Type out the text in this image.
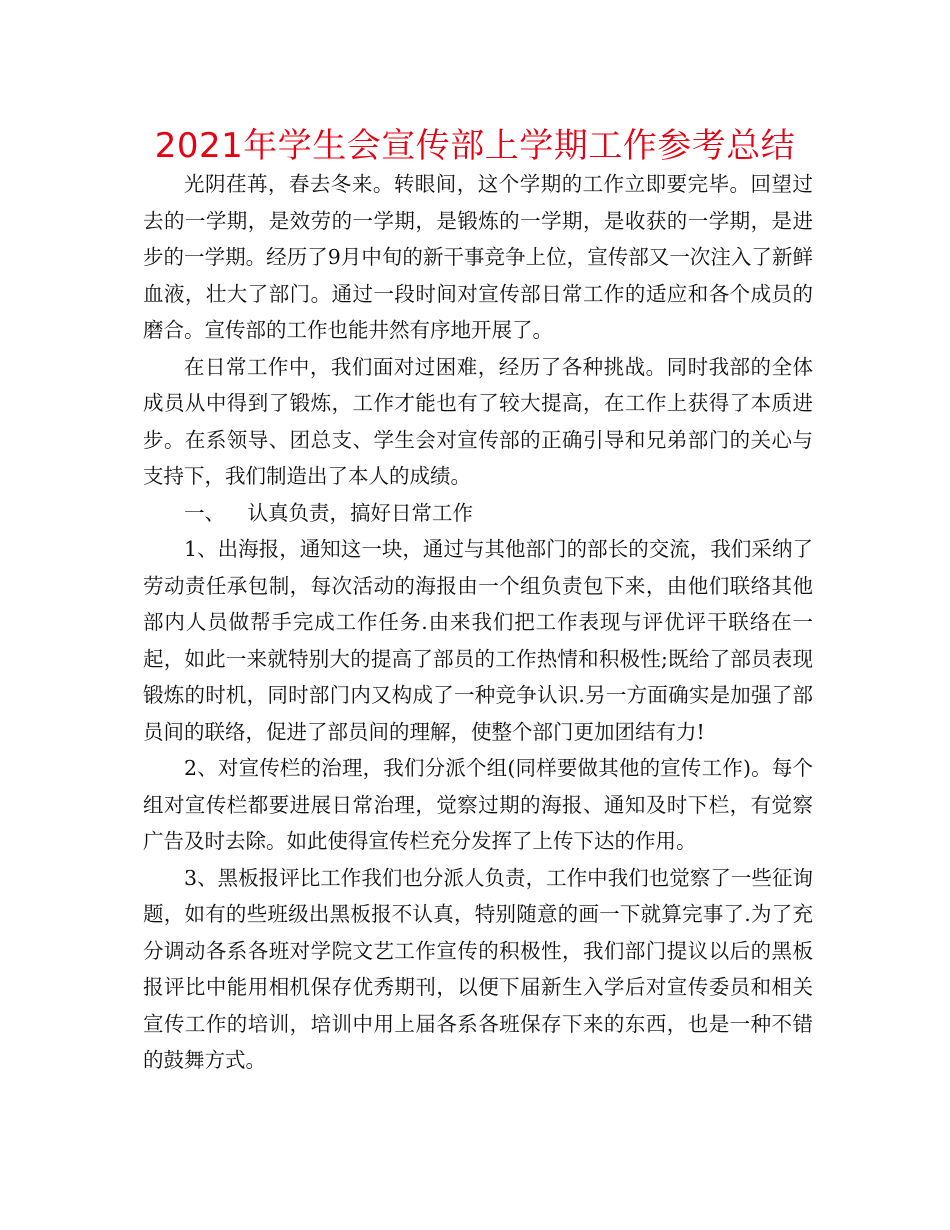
2021年学生会宣传部上学期工作参考总结

光阴荏苒，春去冬来。转眼间，这个学期的工作立即要完毕。回望过去的一学期，是效劳的一学期，是锻炼的一学期，是收获的一学期，是进步的一学期。经历了9月中旬的新干事竞争上位，宣传部又一次注入了新鲜血液，壮大了部门。通过一段时间对宣传部日常工作的适应和各个成员的磨合。宣传部的工作也能井然有序地开展了。

在日常工作中，我们面对过困难，经历了各种挑战。同时我部的全体成员从中得到了锻炼，工作才能也有了较大提高，在工作上获得了本质进步。在系领导、团总支、学生会对宣传部的正确引导和兄弟部门的关心与支持下，我们制造出了本人的成绩。

一、 认真负责，搞好日常工作

1、出海报，通知这一块，通过与其他部门的部长的交流，我们采纳了劳动责任承包制，每次活动的海报由一个组负责包下来，由他们联络其他部内人员做帮手完成工作任务.由来我们把工作表现与评优评干联络在一起，如此一来就特别大的提高了部员的工作热情和积极性;既给了部员表现锻炼的时机，同时部门内又构成了一种竞争认识.另一方面确实是加强了部员间的联络，促进了部员间的理解，使整个部门更加团结有力!

2、对宣传栏的治理，我们分派个组(同样要做其他的宣传工作)。每个组对宣传栏都要进展日常治理，觉察过期的海报、通知及时下栏，有觉察广告及时去除。如此使得宣传栏充分发挥了上传下达的作用。

3、黑板报评比工作我们也分派人负责，工作中我们也觉察了一些征询题，如有的些班级出黑板报不认真，特别随意的画一下就算完事了.为了充分调动各系各班对学院文艺工作宣传的积极性，我们部门提议以后的黑板报评比中能用相机保存优秀期刊，以便下届新生入学后对宣传委员和相关宣传工作的培训，培训中用上届各系各班保存下来的东西，也是一种不错的鼓舞方式。
